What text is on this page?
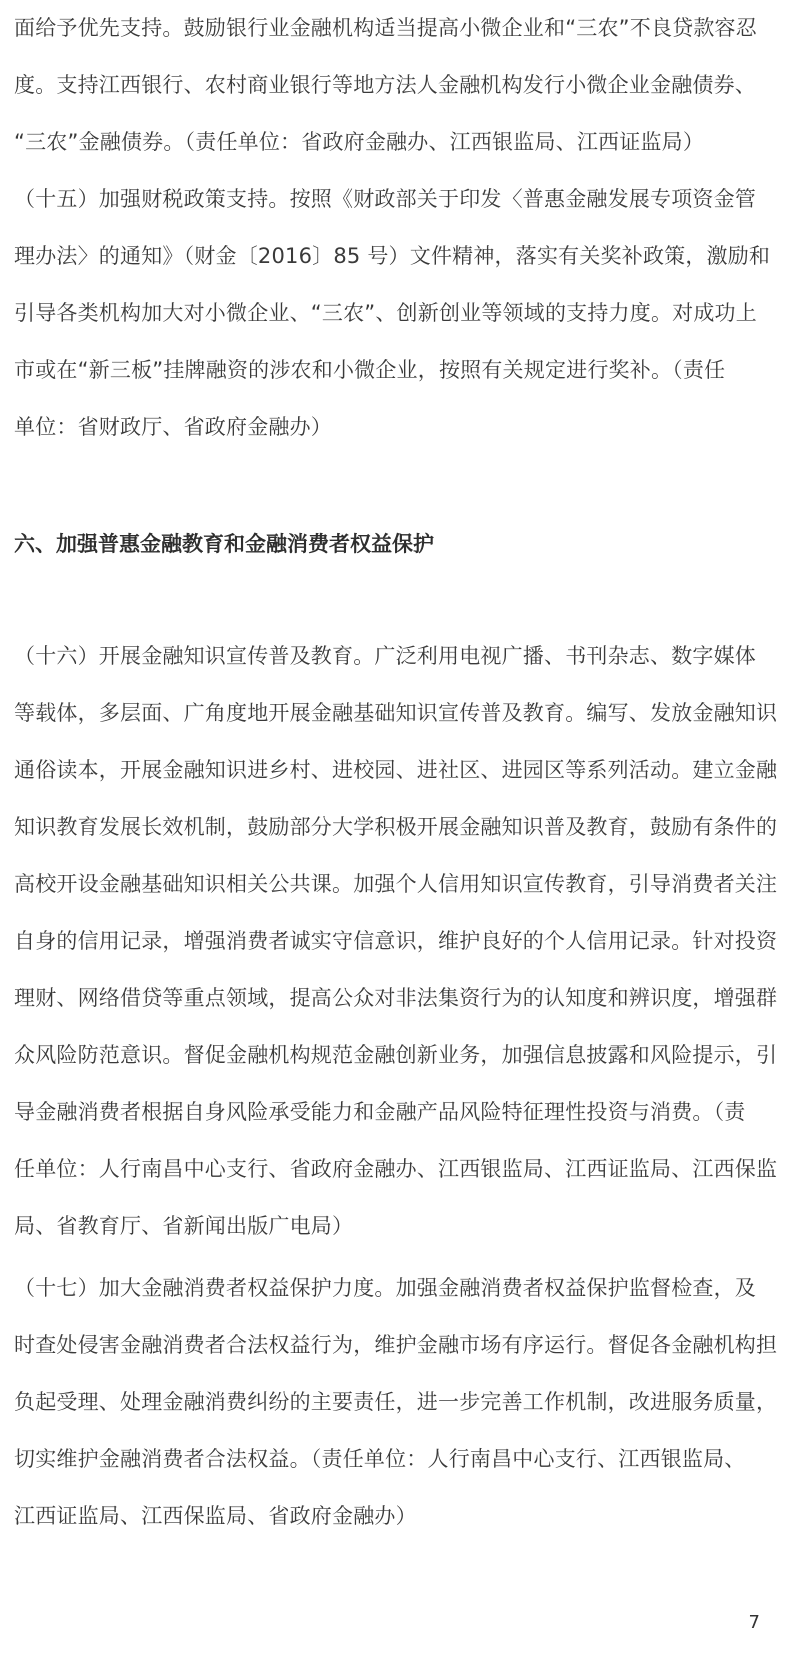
面给予优先支持。鼓励银行业金融机构适当提高小微企业和“三农”不良贷款容忍
度。支持江西银行、农村商业银行等地方法人金融机构发行小微企业金融债券、
“三农”金融债券。（责任单位：省政府金融办、江西银监局、江西证监局）
（十五）加强财税政策支持。按照《财政部关于印发〈普惠金融发展专项资金管
理办法〉的通知》（财金〔2016〕85 号）文件精神，落实有关奖补政策，激励和
引导各类机构加大对小微企业、“三农”、创新创业等领域的支持力度。对成功上
市或在“新三板”挂牌融资的涉农和小微企业，按照有关规定进行奖补。（责任
单位：省财政厅、省政府金融办）
六、加强普惠金融教育和金融消费者权益保护
（十六）开展金融知识宣传普及教育。广泛利用电视广播、书刊杂志、数字媒体
等载体，多层面、广角度地开展金融基础知识宣传普及教育。编写、发放金融知识
通俗读本，开展金融知识进乡村、进校园、进社区、进园区等系列活动。建立金融
知识教育发展长效机制，鼓励部分大学积极开展金融知识普及教育，鼓励有条件的
高校开设金融基础知识相关公共课。加强个人信用知识宣传教育，引导消费者关注
自身的信用记录，增强消费者诚实守信意识，维护良好的个人信用记录。针对投资
理财、网络借贷等重点领域，提高公众对非法集资行为的认知度和辨识度，增强群
众风险防范意识。督促金融机构规范金融创新业务，加强信息披露和风险提示，引
导金融消费者根据自身风险承受能力和金融产品风险特征理性投资与消费。（责
任单位：人行南昌中心支行、省政府金融办、江西银监局、江西证监局、江西保监
局、省教育厅、省新闻出版广电局）
（十七）加大金融消费者权益保护力度。加强金融消费者权益保护监督检查，及
时查处侵害金融消费者合法权益行为，维护金融市场有序运行。督促各金融机构担
负起受理、处理金融消费纠纷的主要责任，进一步完善工作机制，改进服务质量，
切实维护金融消费者合法权益。（责任单位：人行南昌中心支行、江西银监局、
江西证监局、江西保监局、省政府金融办）
7
